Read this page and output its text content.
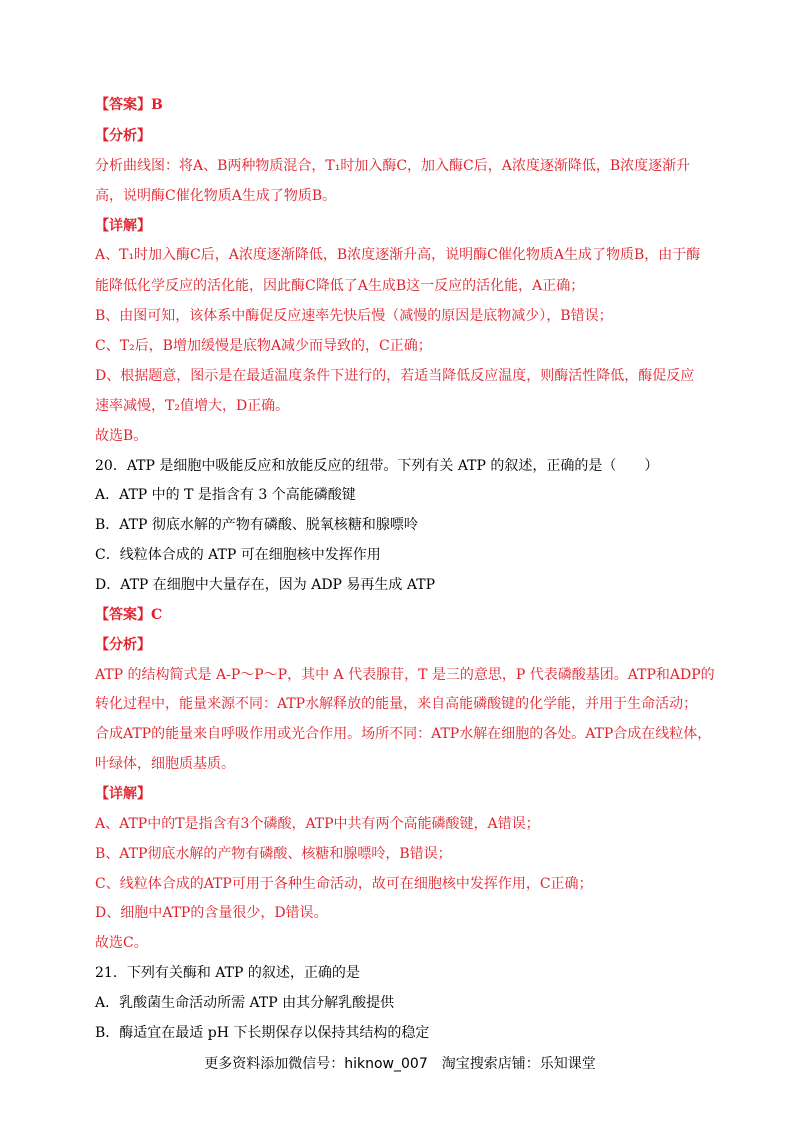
【答案】B
【分析】
分析曲线图：将A、B两种物质混合，T₁时加入酶C，加入酶C后，A浓度逐渐降低，B浓度逐渐升
高，说明酶C催化物质A生成了物质B。
【详解】
A、T₁时加入酶C后，A浓度逐渐降低，B浓度逐渐升高，说明酶C催化物质A生成了物质B，由于酶
能降低化学反应的活化能，因此酶C降低了A生成B这一反应的活化能，A正确；
B、由图可知，该体系中酶促反应速率先快后慢（减慢的原因是底物减少），B错误；
C、T₂后，B增加缓慢是底物A减少而导致的，C正确；
D、根据题意，图示是在最适温度条件下进行的，若适当降低反应温度，则酶活性降低，酶促反应
速率减慢，T₂值增大，D正确。
故选B。
20．ATP 是细胞中吸能反应和放能反应的纽带。下列有关 ATP 的叙述，正确的是（　　）
A．ATP 中的 T 是指含有 3 个高能磷酸键
B．ATP 彻底水解的产物有磷酸、脱氧核糖和腺嘌呤
C．线粒体合成的 ATP 可在细胞核中发挥作用
D．ATP 在细胞中大量存在，因为 ADP 易再生成 ATP
【答案】C
【分析】
ATP 的结构简式是 A-P～P～P，其中 A 代表腺苷，T 是三的意思，P 代表磷酸基团。ATP和ADP的
转化过程中，能量来源不同：ATP水解释放的能量，来自高能磷酸键的化学能，并用于生命活动；
合成ATP的能量来自呼吸作用或光合作用。场所不同：ATP水解在细胞的各处。ATP合成在线粒体，
叶绿体，细胞质基质。
【详解】
A、ATP中的T是指含有3个磷酸，ATP中共有两个高能磷酸键，A错误；
B、ATP彻底水解的产物有磷酸、核糖和腺嘌呤，B错误；
C、线粒体合成的ATP可用于各种生命活动，故可在细胞核中发挥作用，C正确；
D、细胞中ATP的含量很少，D错误。
故选C。
21．下列有关酶和 ATP 的叙述，正确的是
A．乳酸菌生命活动所需 ATP 由其分解乳酸提供
B．酶适宜在最适 pH 下长期保存以保持其结构的稳定
更多资料添加微信号：hiknow_007　淘宝搜索店铺：乐知课堂
